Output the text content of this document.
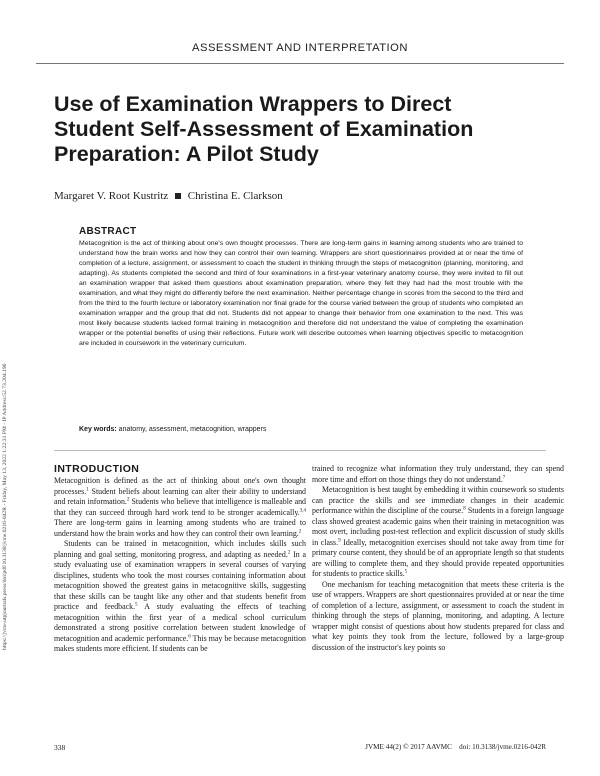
https://jvme.utpjournals.press/doi/pdf/10.3138/jvme.0216-042R - Friday, May 13, 2022 1:22:31 PM - IP Address:52.73.204.196
ASSESSMENT AND INTERPRETATION
Use of Examination Wrappers to Direct
Student Self-Assessment of Examination
Preparation: A Pilot Study
Margaret V. Root Kustritz Christina E. Clarkson
ABSTRACT
Metacognition is the act of thinking about one's own thought processes. There are long-term gains in learning among students who are trained to understand how the brain works and how they can control their own learning. Wrappers are short questionnaires provided at or near the time of completion of a lecture, assignment, or assessment to coach the student in thinking through the steps of metacognition (planning, monitoring, and adapting). As students completed the second and third of four examinations in a first-year veterinary anatomy course, they were invited to fill out an examination wrapper that asked them questions about examination preparation, where they felt they had had the most trouble with the examination, and what they might do differently before the next examination. Neither percentage change in scores from the second to the third and from the third to the fourth lecture or laboratory examination nor final grade for the course varied between the group of students who completed an examination wrapper and the group that did not. Students did not appear to change their behavior from one examination to the next. This was most likely because students lacked formal training in metacognition and therefore did not understand the value of completing the examination wrapper or the potential benefits of using their reflections. Future work will describe outcomes when learning objectives specific to metacognition are included in coursework in the veterinary curriculum.
Key words: anatomy, assessment, metacognition, wrappers
INTRODUCTION

Metacognition is defined as the act of thinking about one's own thought processes.$^1$ Student beliefs about learning can alter their ability to understand and retain information.$^2$ Students who believe that intelligence is malleable and that they can succeed through hard work tend to be stronger academically.$^{3,4}$ There are long-term gains in learning among students who are trained to understand how the brain works and how they can control their own learning.$^2$

Students can be trained in metacognition, which includes skills such planning and goal setting, monitoring progress, and adapting as needed.$^2$ In a study evaluating use of examination wrappers in several courses of varying disciplines, students who took the most courses containing information about metacognition showed the greatest gains in metacognitive skills, suggesting that these skills can be taught like any other and that students benefit from practice and feedback.$^5$ A study evaluating the effects of teaching metacognition within the first year of a medical school curriculum demonstrated a strong positive correlation between student knowledge of metacognition and academic performance.$^6$ This may be because metacognition makes students more efficient. If students can be

trained to recognize what information they truly understand, they can spend more time and effort on those things they do not understand.$^7$

Metacognition is best taught by embedding it within coursework so students can practice the skills and see immediate changes in their academic performance within the discipline of the course.$^8$ Students in a foreign language class showed greatest academic gains when their training in metacognition was most overt, including post-test reflection and explicit discussion of study skills in class.$^9$ Ideally, metacognition exercises should not take away from time for primary course content, they should be of an appropriate length so that students are willing to complete them, and they should provide repeated opportunities for students to practice skills.$^5$

One mechanism for teaching metacognition that meets these criteria is the use of wrappers. Wrappers are short questionnaires provided at or near the time of completion of a lecture, assignment, or assessment to coach the student in thinking through the steps of planning, monitoring, and adapting. A lecture wrapper might consist of questions about how students prepared for class and what key points they took from the lecture, followed by a large-group discussion of the instructor's key points so

338	JVME 44(2) © 2017 AAVMC doi: 10.3138/jvme.0216-042R
